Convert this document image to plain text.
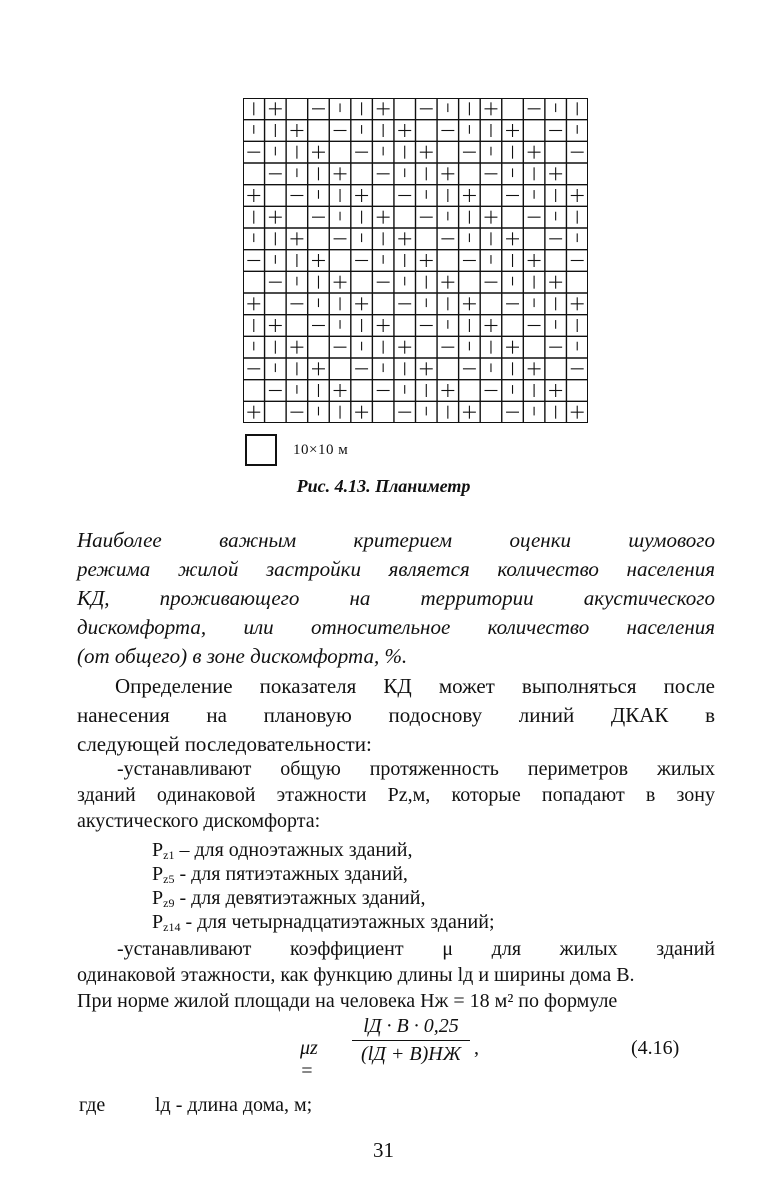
10×10 м
Рис. 4.13. Планиметр
Наиболее важным критерием оценки шумового
режима жилой застройки является количество населения
КД, проживающего на территории акустического
дискомфорта, или относительное количество населения
(от общего) в зоне дискомфорта, %.
Определение показателя КД может выполняться после
нанесения на плановую подоснову линий ДКАК в
следующей последовательности:
-устанавливают общую протяженность периметров жилых
зданий одинаковой этажности Pz,м, которые попадают в зону
акустического дискомфорта:
$P_{z1}$ – для одноэтажных зданий,
$P_{z5}$ - для пятиэтажных зданий,
$P_{z9}$ - для девятиэтажных зданий,
$P_{z14}$ - для четырнадцатиэтажных зданий;
-устанавливают коэффициент μ для жилых зданий
одинаковой этажности, как функцию длины lд и ширины дома В.
При норме жилой площади на человека Нж = 18 м² по формуле
μz =
lД · B · 0,25
(lД + B)HЖ ,	(4.16)
где lд - длина дома, м;
31
